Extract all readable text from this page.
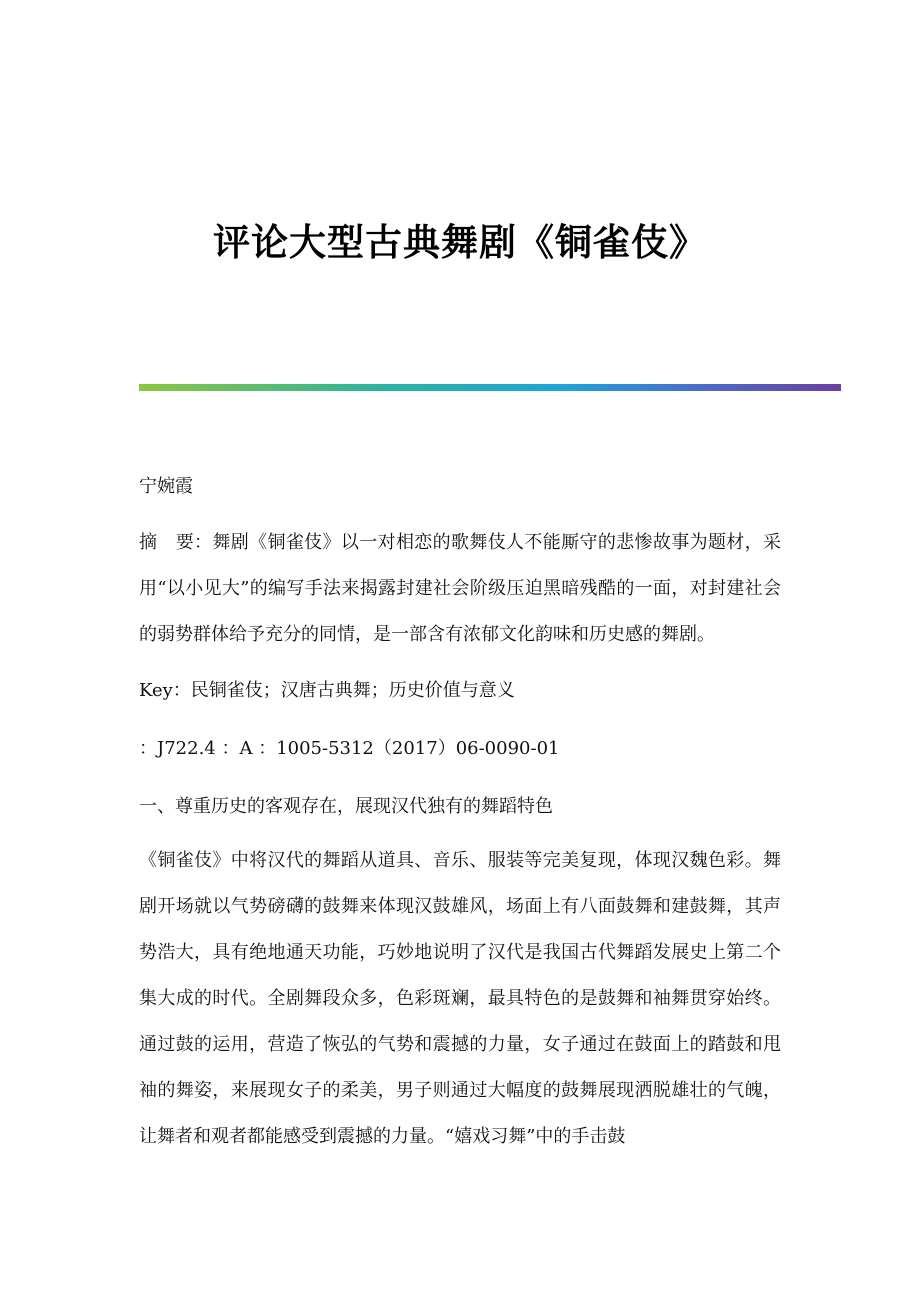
评论大型古典舞剧《铜雀伎》

宁婉霞

摘　要：舞剧《铜雀伎》以一对相恋的歌舞伎人不能厮守的悲惨故事为题材，采用“以小见大”的编写手法来揭露封建社会阶级压迫黑暗残酷的一面，对封建社会的弱势群体给予充分的同情，是一部含有浓郁文化韵味和历史感的舞剧。

Key：民铜雀伎；汉唐古典舞；历史价值与意义

：J722.4 ：A ：1005-5312（2017）06-0090-01

一、尊重历史的客观存在，展现汉代独有的舞蹈特色

《铜雀伎》中将汉代的舞蹈从道具、音乐、服装等完美复现，体现汉魏色彩。舞剧开场就以气势磅礴的鼓舞来体现汉鼓雄风，场面上有八面鼓舞和建鼓舞，其声势浩大，具有绝地通天功能，巧妙地说明了汉代是我国古代舞蹈发展史上第二个集大成的时代。全剧舞段众多，色彩斑斓，最具特色的是鼓舞和袖舞贯穿始终。通过鼓的运用，营造了恢弘的气势和震撼的力量，女子通过在鼓面上的踏鼓和甩袖的舞姿，来展现女子的柔美，男子则通过大幅度的鼓舞展现洒脱雄壮的气魄，让舞者和观者都能感受到震撼的力量。“嬉戏习舞”中的手击鼓
